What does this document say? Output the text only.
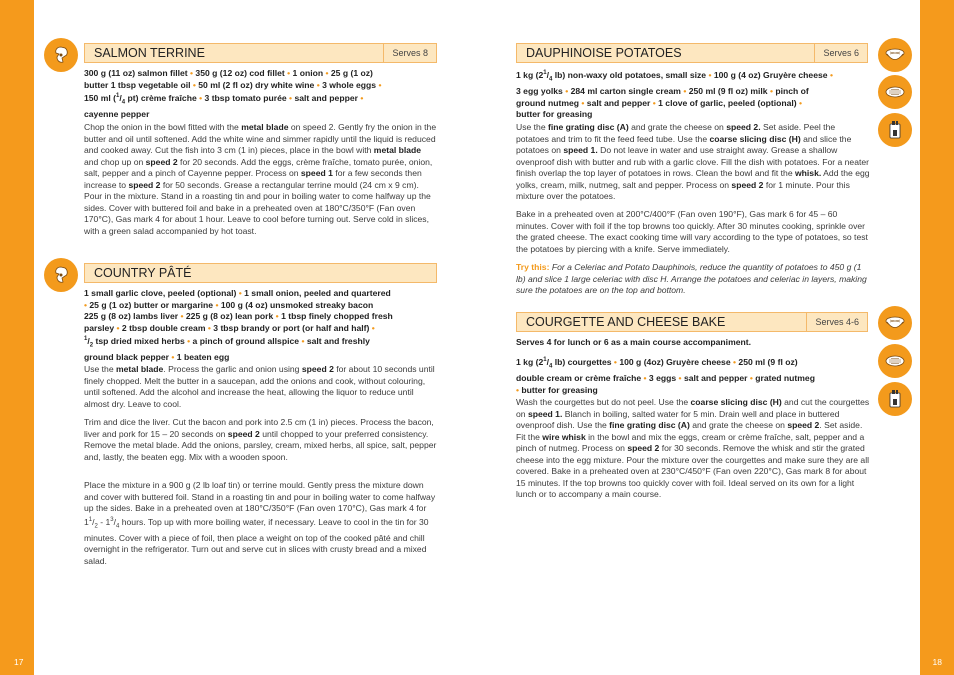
17	18
SALMON TERRINE	Serves 8
300 g (11 oz) salmon fillet • 350 g (12 oz) cod fillet • 1 onion • 25 g (1 oz)
butter 1 tbsp vegetable oil • 50 ml (2 fl oz) dry white wine • 3 whole eggs •
150 ml ($^1/_4$ pt) crème fraîche • 3 tbsp tomato purée • salt and pepper •
cayenne pepper
Chop the onion in the bowl fitted with the metal blade on speed 2. Gently fry the onion in the butter and oil until softened. Add the white wine and simmer rapidly until the liquid is reduced and cooked away. Cut the fish into 3 cm (1 in) pieces, place in the bowl with metal blade and chop up on speed 2 for 20 seconds. Add the eggs, crème fraîche, tomato purée, onion, salt, pepper and a pinch of Cayenne pepper. Process on speed 1 for a few seconds then increase to speed 2 for 50 seconds. Grease a rectangular terrine mould (24 cm x 9 cm). Pour in the mixture. Stand in a roasting tin and pour in boiling water to come halfway up the sides. Cover with buttered foil and bake in a preheated oven at 180°C/350°F (Fan oven 170°C), Gas mark 4 for about 1 hour. Leave to cool before turning out. Serve cold in slices, with a green salad accompanied by hot toast.
COUNTRY PÂTÉ
1 small garlic clove, peeled (optional) • 1 small onion, peeled and quartered
• 25 g (1 oz) butter or margarine • 100 g (4 oz) unsmoked streaky bacon
225 g (8 oz) lambs liver • 225 g (8 oz) lean pork • 1 tbsp finely chopped fresh
parsley • 2 tbsp double cream • 3 tbsp brandy or port (or half and half) •
$^1/_2$ tsp dried mixed herbs • a pinch of ground allspice • salt and freshly
ground black pepper • 1 beaten egg
Use the metal blade. Process the garlic and onion using speed 2 for about 10 seconds until finely chopped. Melt the butter in a saucepan, add the onions and cook, without colouring, until softened. Add the alcohol and increase the heat, allowing the liquor to reduce until almost dry. Leave to cool.
Trim and dice the liver. Cut the bacon and pork into 2.5 cm (1 in) pieces. Process the bacon, liver and pork for 15 – 20 seconds on speed 2 until chopped to your preferred consistency. Remove the metal blade. Add the onions, parsley, cream, mixed herbs, all spice, salt, pepper and, lastly, the beaten egg. Mix with a wooden spoon.
Place the mixture in a 900 g (2 lb loaf tin) or terrine mould. Gently press the mixture down and cover with buttered foil. Stand in a roasting tin and pour in boiling water to come halfway up the sides. Bake in a preheated oven at 180°C/350°F (Fan oven 170°C), Gas mark 4 for $1^1/_2 - 1^3/_4$ hours. Top up with more boiling water, if necessary. Leave to cool in the tin for 30 minutes. Cover with a piece of foil, then place a weight on top of the cooked pâté and chill overnight in the refrigerator. Turn out and serve cut in slices with crusty bread and a mixed salad.
DAUPHINOISE POTATOES	Serves 6
1 kg ($2^1/_4$ lb) non-waxy old potatoes, small size • 100 g (4 oz) Gruyère cheese •
3 egg yolks • 284 ml carton single cream • 250 ml (9 fl oz) milk • pinch of
ground nutmeg • salt and pepper • 1 clove of garlic, peeled (optional) •
butter for greasing
Use the fine grating disc (A) and grate the cheese on speed 2. Set aside. Peel the potatoes and trim to fit the feed feed tube. Use the coarse slicing disc (H) and slice the potatoes on speed 1. Do not leave in water and use straight away. Grease a shallow ovenproof dish with butter and rub with a garlic clove. Fill the dish with potatoes. For a neater finish overlap the top layer of potatoes in rows. Clean the bowl and fit the whisk. Add the egg yolks, cream, milk, nutmeg, salt and pepper. Process on speed 2 for 1 minute. Pour this mixture over the potatoes.
Bake in a preheated oven at 200°C/400°F (Fan oven 190°F), Gas mark 6 for 45 – 60 minutes. Cover with foil if the top browns too quickly. After 30 minutes cooking, sprinkle over the grated cheese. The exact cooking time will vary according to the type of potatoes, so test the potatoes by piercing with a knife. Serve immediately.
Try this: For a Celeriac and Potato Dauphinois, reduce the quantity of potatoes to 450 g (1 lb) and slice 1 large celeriac with disc H. Arrange the potatoes and celeriac in layers, making sure the potatoes are on the top and bottom.
COURGETTE AND CHEESE BAKE	Serves 4-6
Serves 4 for lunch or 6 as a main course accompaniment.
1 kg ($2^1/_4$ lb) courgettes • 100 g (4oz) Gruyère cheese • 250 ml (9 fl oz)
double cream or crème fraîche • 3 eggs • salt and pepper • grated nutmeg
• butter for greasing
Wash the courgettes but do not peel. Use the coarse slicing disc (H) and cut the courgettes on speed 1. Blanch in boiling, salted water for 5 min. Drain well and place in buttered ovenproof dish. Use the fine grating disc (A) and grate the cheese on speed 2. Set aside. Fit the wire whisk in the bowl and mix the eggs, cream or crème fraîche, salt, pepper and a pinch of nutmeg. Process on speed 2 for 30 seconds. Remove the whisk and stir the grated cheese into the egg mixture. Pour the mixture over the courgettes and make sure they are all covered. Bake in a preheated oven at 230°C/450°F (Fan oven 220°C), Gas mark 8 for about 15 minutes. If the top browns too quickly cover with foil. Ideal served on its own for a light lunch or to accompany a main course.
